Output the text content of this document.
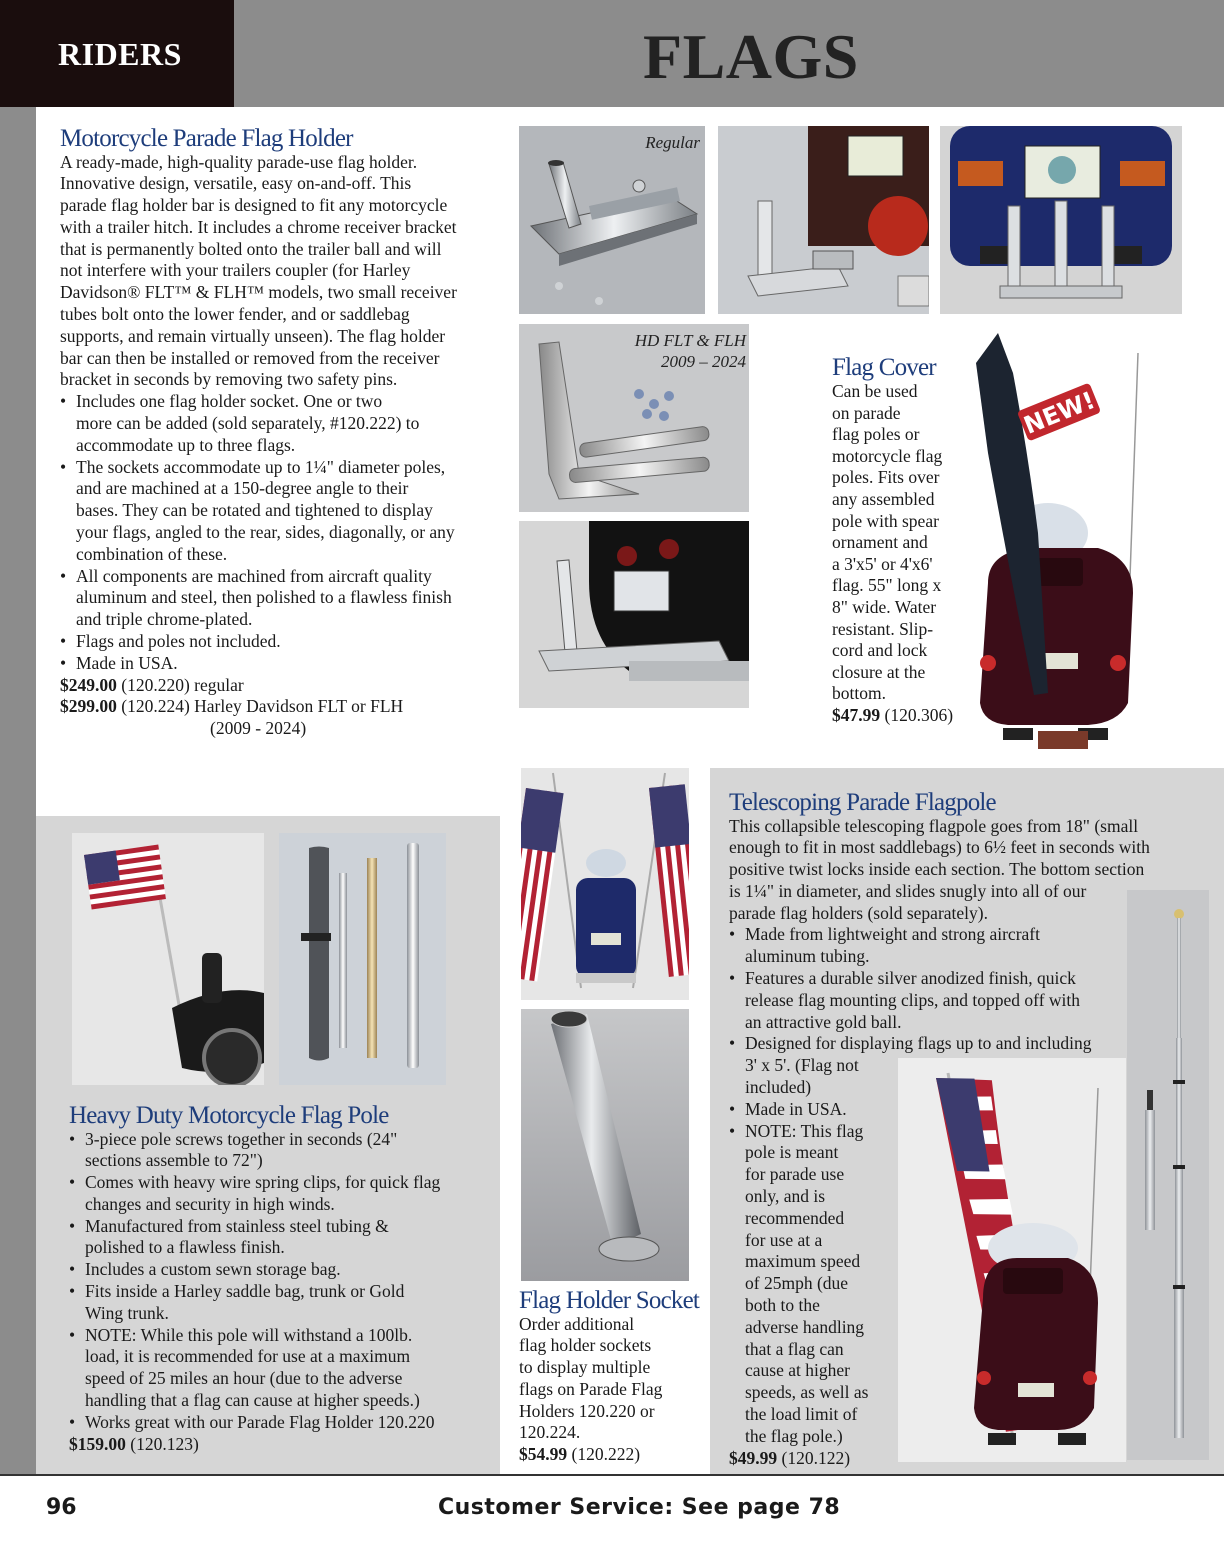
RIDERS	FLAGS
Motorcycle Parade Flag Holder
A ready-made, high-quality parade-use flag holder.
Innovative design, versatile, easy on-and-off. This
parade flag holder bar is designed to fit any motorcycle
with a trailer hitch. It includes a chrome receiver bracket
that is permanently bolted onto the trailer ball and will
not interfere with your trailers coupler (for Harley
Davidson® FLT™ & FLH™ models, two small receiver
tubes bolt onto the lower fender, and or saddlebag
supports, and remain virtually unseen). The flag holder
bar can then be installed or removed from the receiver
bracket in seconds by removing two safety pins.
• Includes one flag holder socket. One or two
more can be added (sold separately, #120.222) to
accommodate up to three flags.
• The sockets accommodate up to 1¼" diameter poles,
and are machined at a 150-degree angle to their
bases. They can be rotated and tightened to display
your flags, angled to the rear, sides, diagonally, or any
combination of these.
• All components are machined from aircraft quality
aluminum and steel, then polished to a flawless finish
and triple chrome-plated.
• Flags and poles not included.
• Made in USA.
$249.00 (120.220) regular
$299.00 (120.224) Harley Davidson FLT or FLH
(2009 - 2024)
Regular
HD FLT & FLH
2009 – 2024	Flag Cover
Can be used
on parade
flag poles or
motorcycle flag
poles. Fits over
any assembled
pole with spear
ornament and
a 3'x5' or 4'x6'
flag. 55" long x
8" wide. Water
resistant. Slip-
cord and lock
closure at the
bottom.
$47.99 (120.306)
NEW!
Heavy Duty Motorcycle Flag Pole
• 3-piece pole screws together in seconds (24"
sections assemble to 72")
• Comes with heavy wire spring clips, for quick flag
changes and security in high winds.
• Manufactured from stainless steel tubing &
polished to a flawless finish.
• Includes a custom sewn storage bag.
• Fits inside a Harley saddle bag, trunk or Gold
Wing trunk.
• NOTE: While this pole will withstand a 100lb.
load, it is recommended for use at a maximum
speed of 25 miles an hour (due to the adverse
handling that a flag can cause at higher speeds.)
• Works great with our Parade Flag Holder 120.220
$159.00 (120.123)
Flag Holder Socket
Order additional
flag holder sockets
to display multiple
flags on Parade Flag
Holders 120.220 or
120.224.
$54.99 (120.222)
Telescoping Parade Flagpole
This collapsible telescoping flagpole goes from 18" (small
enough to fit in most saddlebags) to 6½ feet in seconds with
positive twist locks inside each section. The bottom section
is 1¼" in diameter, and slides snugly into all of our
parade flag holders (sold separately).
• Made from lightweight and strong aircraft
aluminum tubing.
• Features a durable silver anodized finish, quick
release flag mounting clips, and topped off with
an attractive gold ball.
• Designed for displaying flags up to and including
3' x 5'. (Flag not
included)
• Made in USA.
• NOTE: This flag
pole is meant
for parade use
only, and is
recommended
for use at a
maximum speed
of 25mph (due
both to the
adverse handling
that a flag can
cause at higher
speeds, as well as
the load limit of
the flag pole.)
$49.99 (120.122)
96	Customer Service: See page 78
